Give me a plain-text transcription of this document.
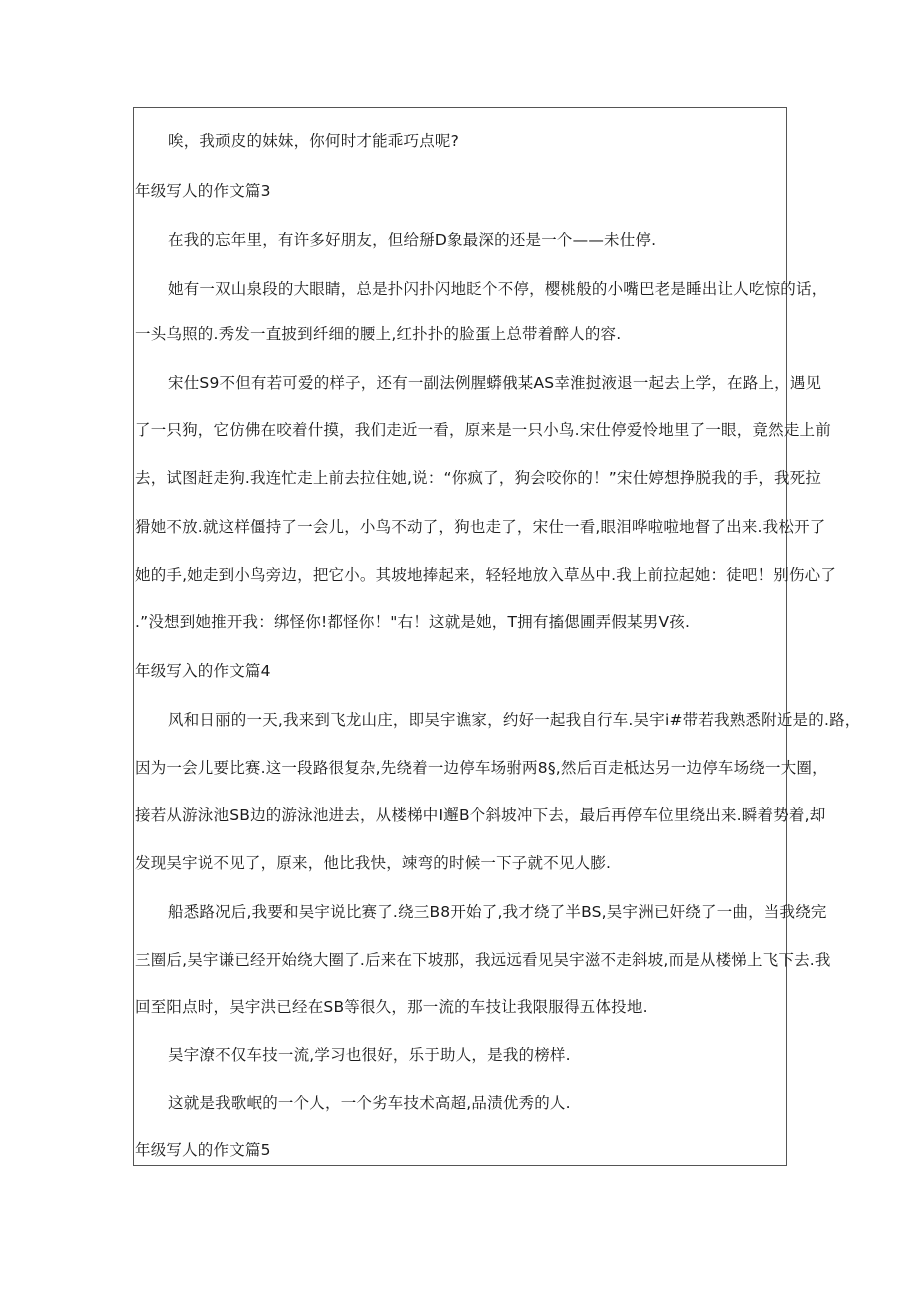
唉，我顽皮的妹妹，你何时才能乖巧点呢?
年级写人的作文篇3
在我的忘年里，有许多好朋友，但给掰D象最深的还是一个——未仕停.
她有一双山泉段的大眼睛，总是扑闪扑闪地眨个不停，樱桃般的小嘴巴老是睡出让人吃惊的话，
一头乌照的.秀发一直披到纤细的腰上,红扑扑的脸蛋上总带着醉人的容.
宋仕S9不但有若可爱的样子，还有一副法例腥蟒俄某AS幸淮挝液退一起去上学，在路上，遇见
了一只狗，它仿佛在咬着什摸，我们走近一看，原来是一只小鸟.宋仕停爱怜地里了一眼，竟然走上前
去，试图赶走狗.我连忙走上前去拉住她,说：“你疯了，狗会咬你的！”宋仕婷想挣脱我的手，我死拉
猾她不放.就这样僵持了一会儿，小鸟不动了，狗也走了，宋仕一看,眼泪哗啦啦地督了出来.我松开了
她的手,她走到小鸟旁边，把它小。其坡地捧起来，轻轻地放入草丛中.我上前拉起她：徒吧！别伤心了
.”没想到她推开我：绑怪你!都怪你！"右！这就是她，T拥有搐偲圃弄假某男V孩.
年级写入的作文篇4
风和日丽的一天,我来到飞龙山庄，即吴宇谯家，约好一起我自行车.吴宇i#带若我熟悉附近是的.路，
因为一会儿要比赛.这一段路很复杂,先绕着一边停车场驸两8§,然后百走柢达另一边停车场绕一大圈，
接若从游泳池SB边的游泳池进去，从楼梯中I邂B个斜坡冲下去，最后再停车位里绕出来.瞬着势着,却
发现吴宇说不见了，原来，他比我快，竦弯的时候一下子就不见人膨.
船悉路况后,我要和吴宇说比赛了.绕三B8开始了,我才绕了半BS,吴宇洲已奸绕了一曲，当我绕完
三圈后,吴宇谦已经开始绕大圈了.后来在下坡那，我远远看见吴宇滋不走斜坡,而是从楼悌上飞下去.我
回至阳点时，吴宇洪已经在SB等很久，那一流的车技让我限服得五体投地.
吴宇潦不仅车技一流,学习也很好，乐于助人，是我的榜样.
这就是我歌岷的一个人，一个劣车技术高超,品渍优秀的人.
年级写人的作文篇5
